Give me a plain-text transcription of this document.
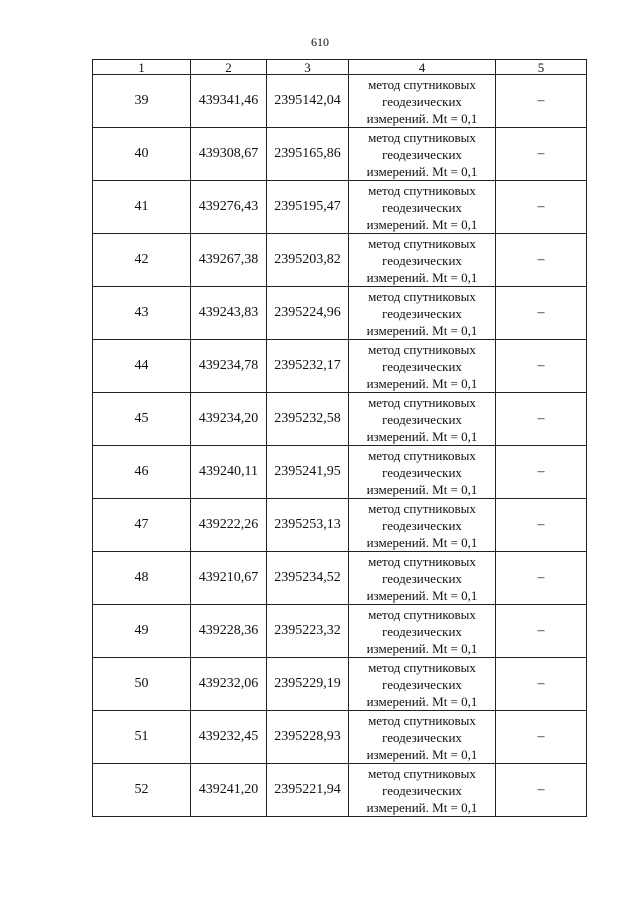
610
1	2	3	4	5
39	439341,46	2395142,04	метод спутниковых геодезических измерений. Mt = 0,1	–
40	439308,67	2395165,86	метод спутниковых геодезических измерений. Mt = 0,1	–
41	439276,43	2395195,47	метод спутниковых геодезических измерений. Mt = 0,1	–
42	439267,38	2395203,82	метод спутниковых геодезических измерений. Mt = 0,1	–
43	439243,83	2395224,96	метод спутниковых геодезических измерений. Mt = 0,1	–
44	439234,78	2395232,17	метод спутниковых геодезических измерений. Mt = 0,1	–
45	439234,20	2395232,58	метод спутниковых геодезических измерений. Mt = 0,1	–
46	439240,11	2395241,95	метод спутниковых геодезических измерений. Mt = 0,1	–
47	439222,26	2395253,13	метод спутниковых геодезических измерений. Mt = 0,1	–
48	439210,67	2395234,52	метод спутниковых геодезических измерений. Mt = 0,1	–
49	439228,36	2395223,32	метод спутниковых геодезических измерений. Mt = 0,1	–
50	439232,06	2395229,19	метод спутниковых геодезических измерений. Mt = 0,1	–
51	439232,45	2395228,93	метод спутниковых геодезических измерений. Mt = 0,1	–
52	439241,20	2395221,94	метод спутниковых геодезических измерений. Mt = 0,1	–
